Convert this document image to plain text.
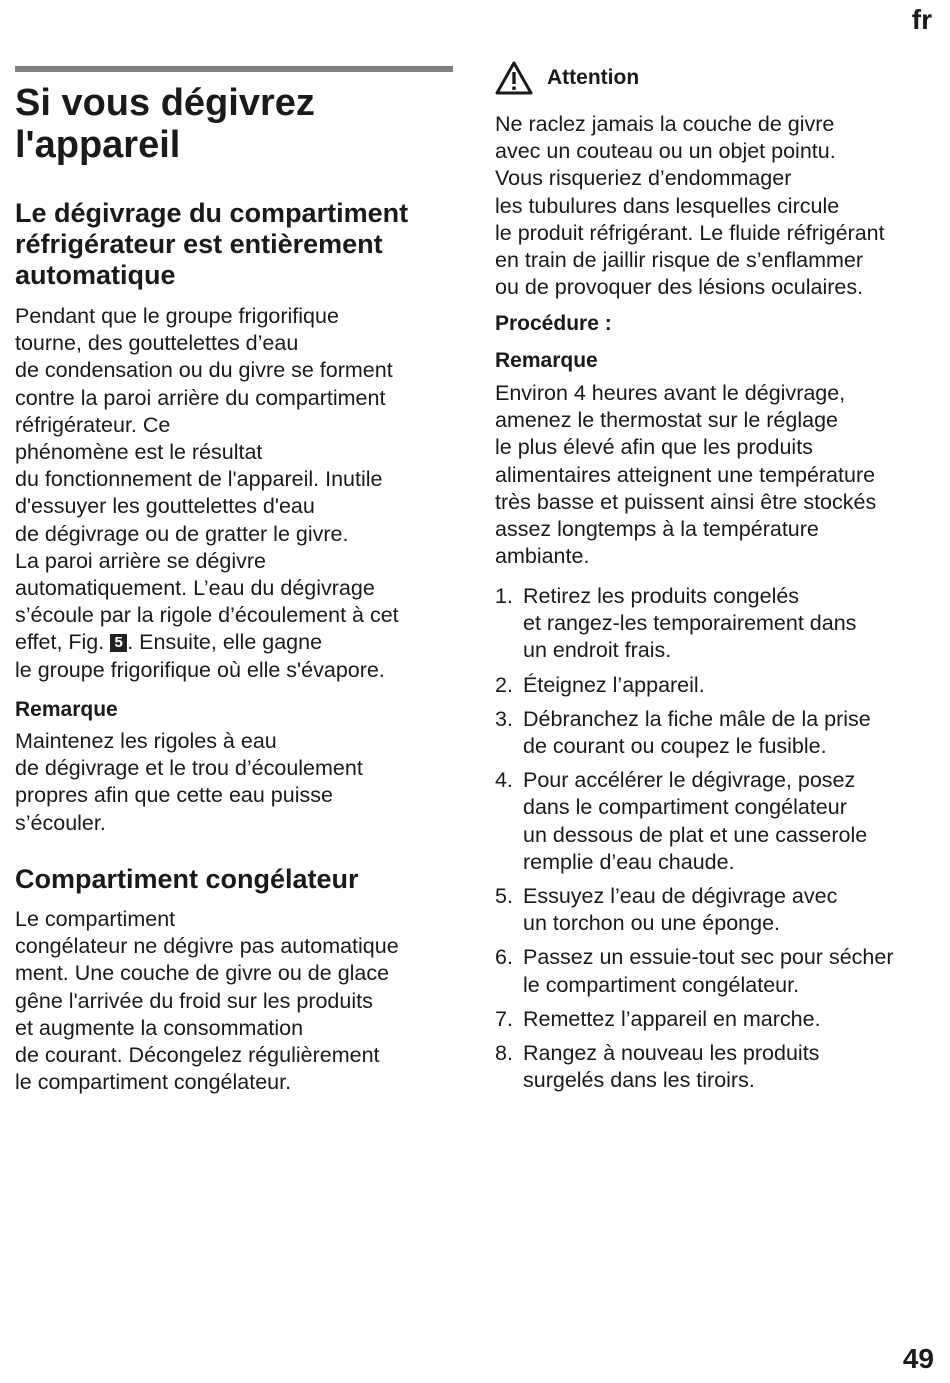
fr
Si vous dégivrez
l'appareil
Le dégivrage du compartiment
réfrigérateur est entièrement
automatique

Pendant que le groupe frigorifique
tourne, des gouttelettes d’eau
de condensation ou du givre se forment
contre la paroi arrière du compartiment
réfrigérateur. Ce
phénomène est le résultat
du fonctionnement de l'appareil. Inutile
d'essuyer les gouttelettes d'eau
de dégivrage ou de gratter le givre.
La paroi arrière se dégivre
automatiquement. L’eau du dégivrage
s’écoule par la rigole d’écoulement à cet
effet, Fig. 5 . Ensuite, elle gagne
le groupe frigorifique où elle s'évapore.

Remarque

Maintenez les rigoles à eau
de dégivrage et le trou d’écoulement
propres afin que cette eau puisse
s’écouler.

Compartiment congélateur

Le compartiment
congélateur ne dégivre pas automatique
ment. Une couche de givre ou de glace
gêne l'arrivée du froid sur les produits
et augmente la consommation
de courant. Décongelez régulièrement
le compartiment congélateur.

Attention

Ne raclez jamais la couche de givre
avec un couteau ou un objet pointu.
Vous risqueriez d’endommager
les tubulures dans lesquelles circule
le produit réfrigérant. Le fluide réfrigérant
en train de jaillir risque de s’enflammer
ou de provoquer des lésions oculaires.

Procédure :
Remarque

Environ 4 heures avant le dégivrage,
amenez le thermostat sur le réglage
le plus élevé afin que les produits
alimentaires atteignent une température
très basse et puissent ainsi être stockés
assez longtemps à la température
ambiante.

1. Retirez les produits congelés
et rangez-les temporairement dans
un endroit frais.
2. Éteignez l’appareil.
3. Débranchez la fiche mâle de la prise
de courant ou coupez le fusible.
4. Pour accélérer le dégivrage, posez
dans le compartiment congélateur
un dessous de plat et une casserole
remplie d’eau chaude.
5. Essuyez l’eau de dégivrage avec
un torchon ou une éponge.
6. Passez un essuie-tout sec pour sécher
le compartiment congélateur.
7. Remettez l’appareil en marche.
8. Rangez à nouveau les produits
surgelés dans les tiroirs.
49
